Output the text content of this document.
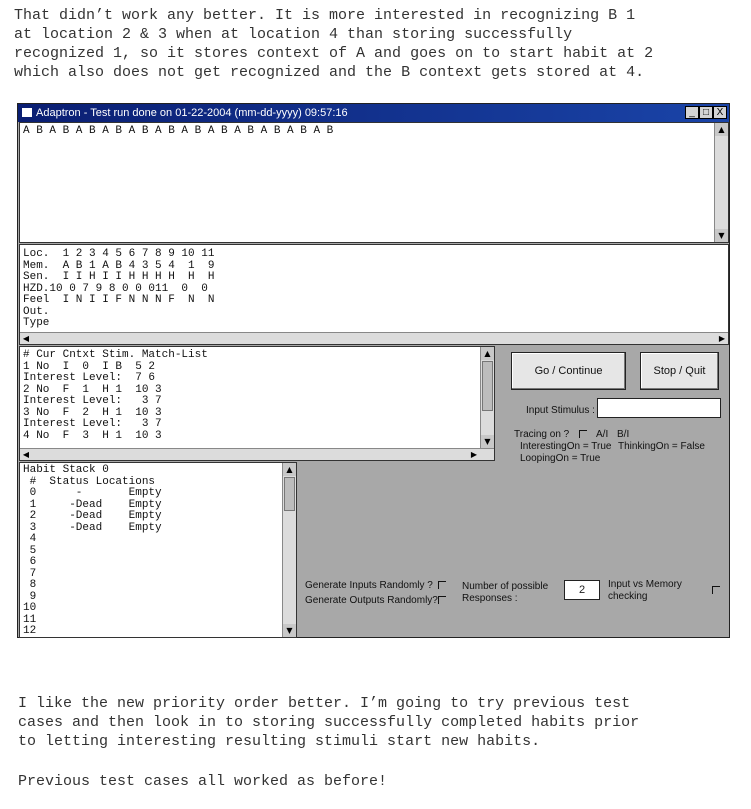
That didn’t work any better. It is more interested in recognizing B 1
at location 2 & 3 when at location 4 than storing successfully
recognized 1, so it stores context of A and goes on to start habit at 2
which also does not get recognized and the B context gets stored at 4.
Adaptron - Test run done on 01-22-2004 (mm-dd-yyyy) 09:57:16	_ □ X
A B A B A B A B A B A B A B A B A B A B A B A B	▲
▼
Loc.  1 2 3 4 5 6 7 8 9 10 11
Mem.  A B 1 A B 4 3 5 4  1  9
Sen.  I I H I I H H H H  H  H
HZD.10 0 7 9 8 0 0 011  0  0
Feel  I N I I F N N N F  N  N
Out.
Type
◀	▶
# Cur Cntxt Stim. Match-List
1 No  I  0  I B  5 2
Interest Level:  7 6
2 No  F  1  H 1  10 3
Interest Level:   3 7
3 No  F  2  H 1  10 3
Interest Level:   3 7
4 No  F  3  H 1  10 3
▲
▼
◀	▶
Habit Stack 0
#  Status Locations
0      -       Empty
1     -Dead    Empty
2     -Dead    Empty
3     -Dead    Empty
4
5
6
7
8
9
10
11
12
▲
▼
Go / Continue	Stop / Quit
Input Stimulus :
Tracing on ?	A/I B/I
InterestingOn = True ThinkingOn = False
LoopingOn = True
Generate Inputs Randomly ?
Generate Outputs Randomly?
Number of possible
Responses :
2	Input vs Memory
checking
I like the new priority order better. I’m going to try previous test
cases and then look in to storing successfully completed habits prior
to letting interesting resulting stimuli start new habits.
Previous test cases all worked as before!
